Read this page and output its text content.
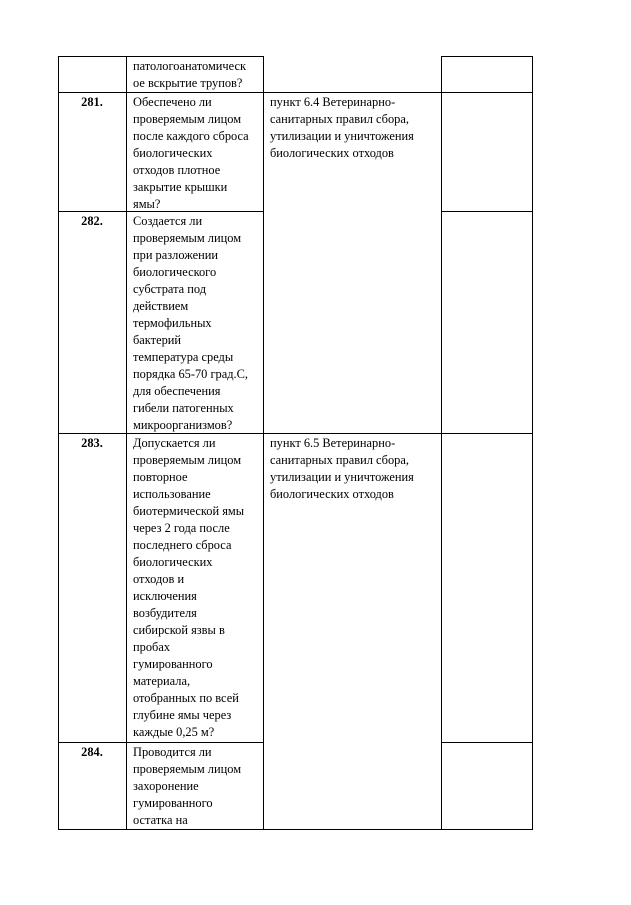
патологоанатомическ
ое вскрытие трупов?
281.	Обеспечено ли
проверяемым лицом
после каждого сброса
биологических
отходов плотное
закрытие крышки
ямы?
пункт 6.4 Ветеринарно-
санитарных правил сбора,
утилизации и уничтожения
биологических отходов
282.	Создается ли
проверяемым лицом
при разложении
биологического
субстрата под
действием
термофильных
бактерий
температура среды
порядка 65-70 град.С,
для обеспечения
гибели патогенных
микроорганизмов?
283.	Допускается ли
проверяемым лицом
повторное
использование
биотермической ямы
через 2 года после
последнего сброса
биологических
отходов и
исключения
возбудителя
сибирской язвы в
пробах
гумированного
материала,
отобранных по всей
глубине ямы через
каждые 0,25 м?
пункт 6.5 Ветеринарно-
санитарных правил сбора,
утилизации и уничтожения
биологических отходов
284.	Проводится ли
проверяемым лицом
захоронение
гумированного
остатка на
